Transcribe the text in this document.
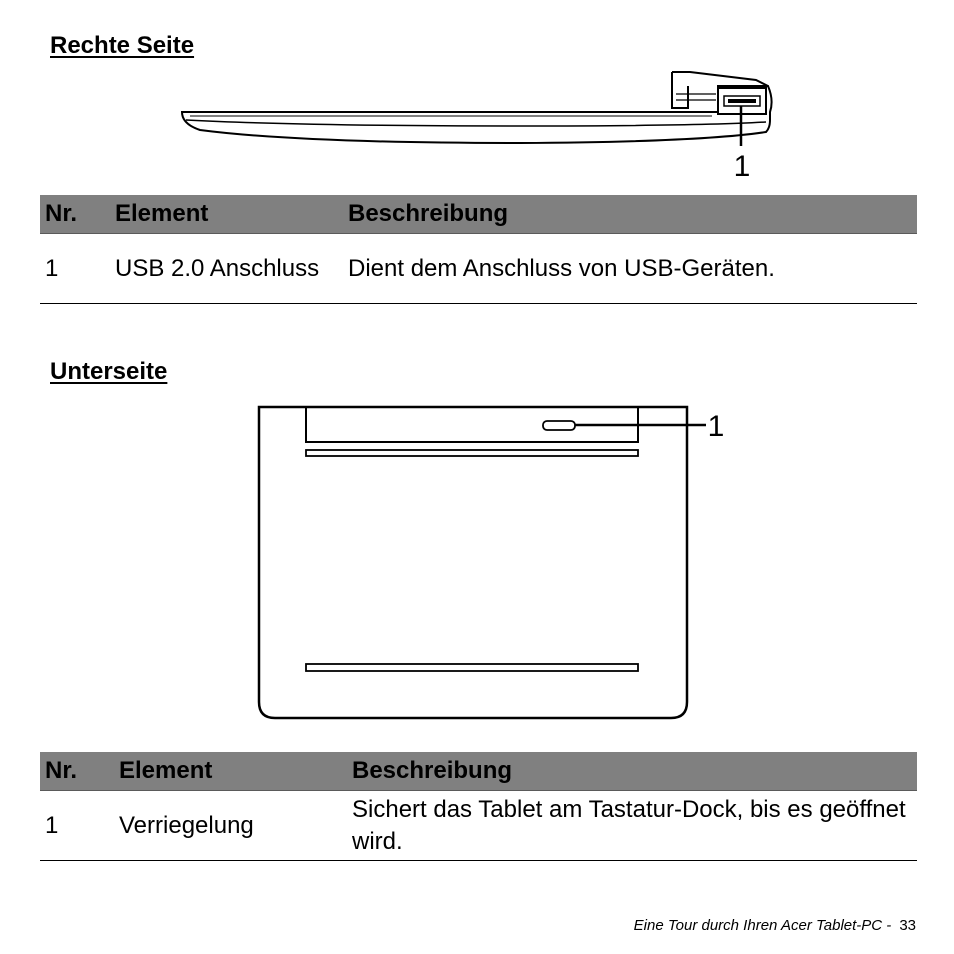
Rechte Seite
1
1
Nr.	Element	Beschreibung
1	USB 2.0 Anschluss	Dient dem Anschluss von USB-Geräten.
Unterseite
Nr.	Element	Beschreibung
1	Verriegelung	Sichert das Tablet am Tastatur-Dock, bis es geöffnet wird.
Eine Tour durch Ihren Acer Tablet-PC - 33
